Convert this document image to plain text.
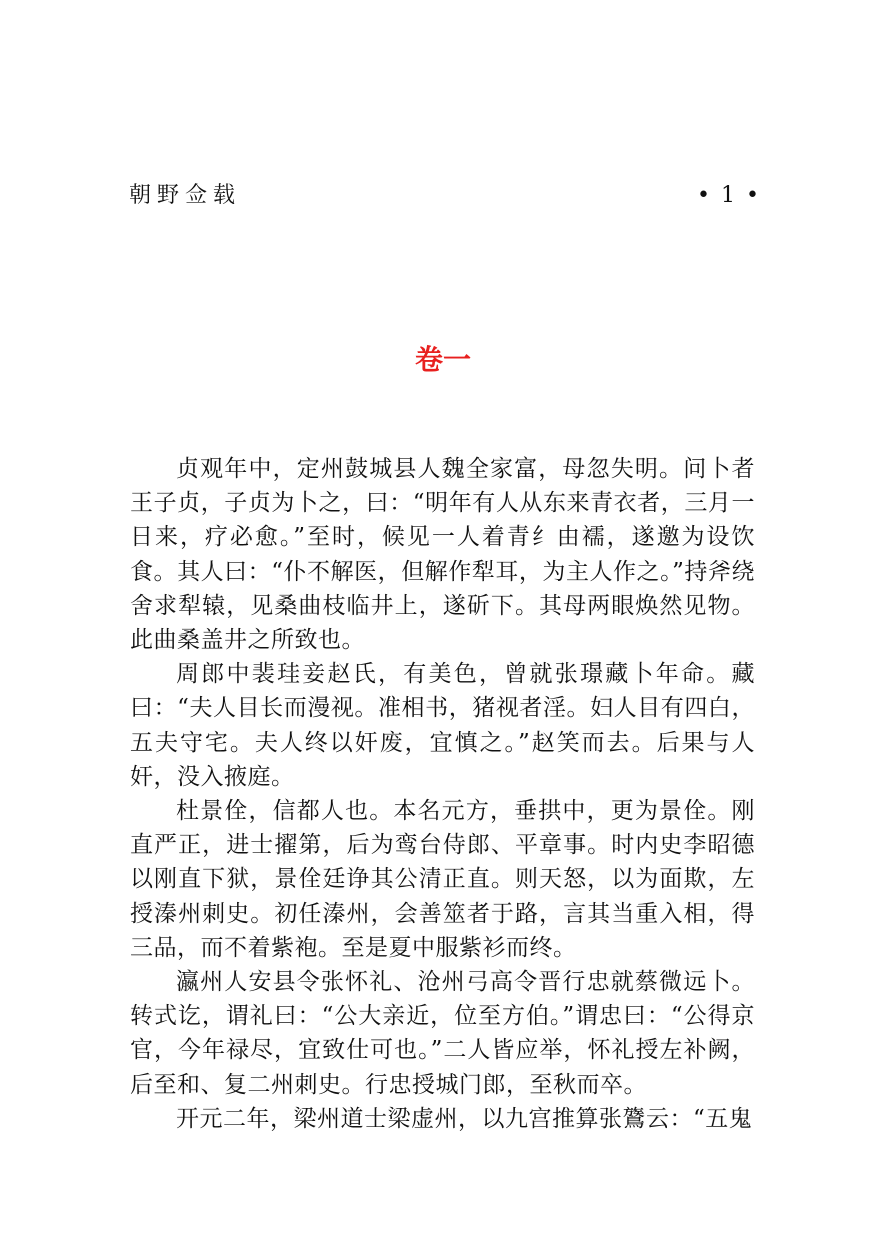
朝野佥载	• 1 •
卷一

贞观年中，定州鼓城县人魏全家富，母忽失明。问卜者王子贞，子贞为卜之，曰：“明年有人从东来青衣者，三月一日来，疗必愈。”至时，候见一人着青纟由襦，遂邀为设饮食。其人曰：“仆不解医，但解作犁耳，为主人作之。”持斧绕舍求犁辕，见桑曲枝临井上，遂斫下。其母两眼焕然见物。此曲桑盖井之所致也。

周郎中裴珪妾赵氏，有美色，曾就张璟藏卜年命。藏曰：“夫人目长而漫视。准相书，猪视者淫。妇人目有四白，五夫守宅。夫人终以奸废，宜慎之。”赵笑而去。后果与人奸，没入掖庭。

杜景佺，信都人也。本名元方，垂拱中，更为景佺。刚直严正，进士擢第，后为鸾台侍郎、平章事。时内史李昭德以刚直下狱，景佺廷诤其公清正直。则天怒，以为面欺，左授溱州刺史。初任溱州，会善筮者于路，言其当重入相，得三品，而不着紫袍。至是夏中服紫衫而终。

瀛州人安县令张怀礼、沧州弓高令晋行忠就蔡微远卜。转式讫，谓礼曰：“公大亲近，位至方伯。”谓忠曰：“公得京官，今年禄尽，宜致仕可也。”二人皆应举，怀礼授左补阙，后至和、复二州刺史。行忠授城门郎，至秋而卒。

开元二年，梁州道士梁虚州，以九宫推算张鷟云：“五鬼
